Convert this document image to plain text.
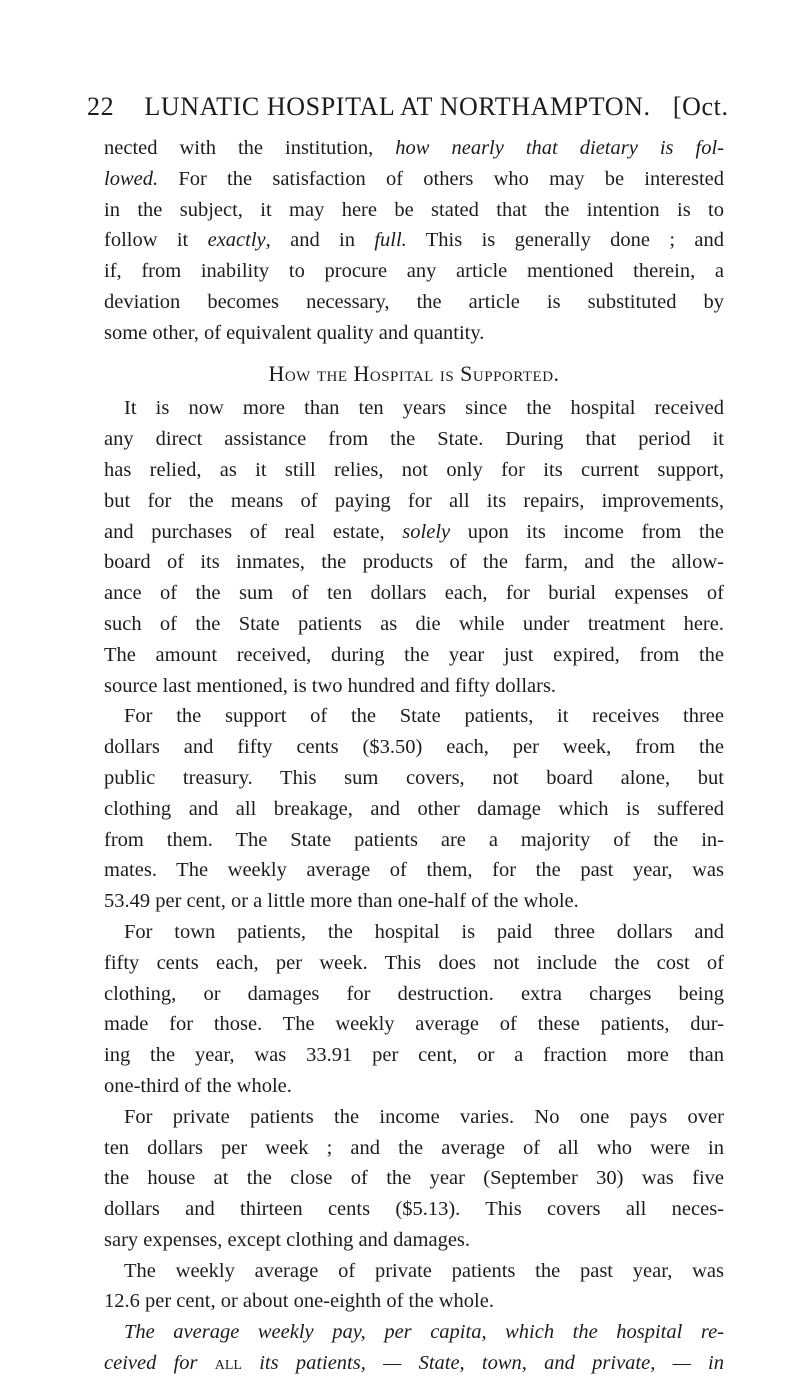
22 LUNATIC HOSPITAL AT NORTHAMPTON. [Oct.
nected with the institution, how nearly that dietary is fol-
lowed. For the satisfaction of others who may be interested
in the subject, it may here be stated that the intention is to
follow it exactly, and in full. This is generally done ; and
if, from inability to procure any article mentioned therein, a
deviation becomes necessary, the article is substituted by
some other, of equivalent quality and quantity.
How the Hospital is Supported.
It is now more than ten years since the hospital received
any direct assistance from the State. During that period it
has relied, as it still relies, not only for its current support,
but for the means of paying for all its repairs, improvements,
and purchases of real estate, solely upon its income from the
board of its inmates, the products of the farm, and the allow-
ance of the sum of ten dollars each, for burial expenses of
such of the State patients as die while under treatment here.
The amount received, during the year just expired, from the
source last mentioned, is two hundred and fifty dollars.
For the support of the State patients, it receives three
dollars and fifty cents ($3.50) each, per week, from the
public treasury. This sum covers, not board alone, but
clothing and all breakage, and other damage which is suffered
from them. The State patients are a majority of the in-
mates. The weekly average of them, for the past year, was
53.49 per cent, or a little more than one-half of the whole.
For town patients, the hospital is paid three dollars and
fifty cents each, per week. This does not include the cost of
clothing, or damages for destruction. extra charges being
made for those. The weekly average of these patients, dur-
ing the year, was 33.91 per cent, or a fraction more than
one-third of the whole.
For private patients the income varies. No one pays over
ten dollars per week ; and the average of all who were in
the house at the close of the year (September 30) was five
dollars and thirteen cents ($5.13). This covers all neces-
sary expenses, except clothing and damages.
The weekly average of private patients the past year, was
12.6 per cent, or about one-eighth of the whole.
The average weekly pay, per capita, which the hospital re-
ceived for all its patients, — State, town, and private, — in
